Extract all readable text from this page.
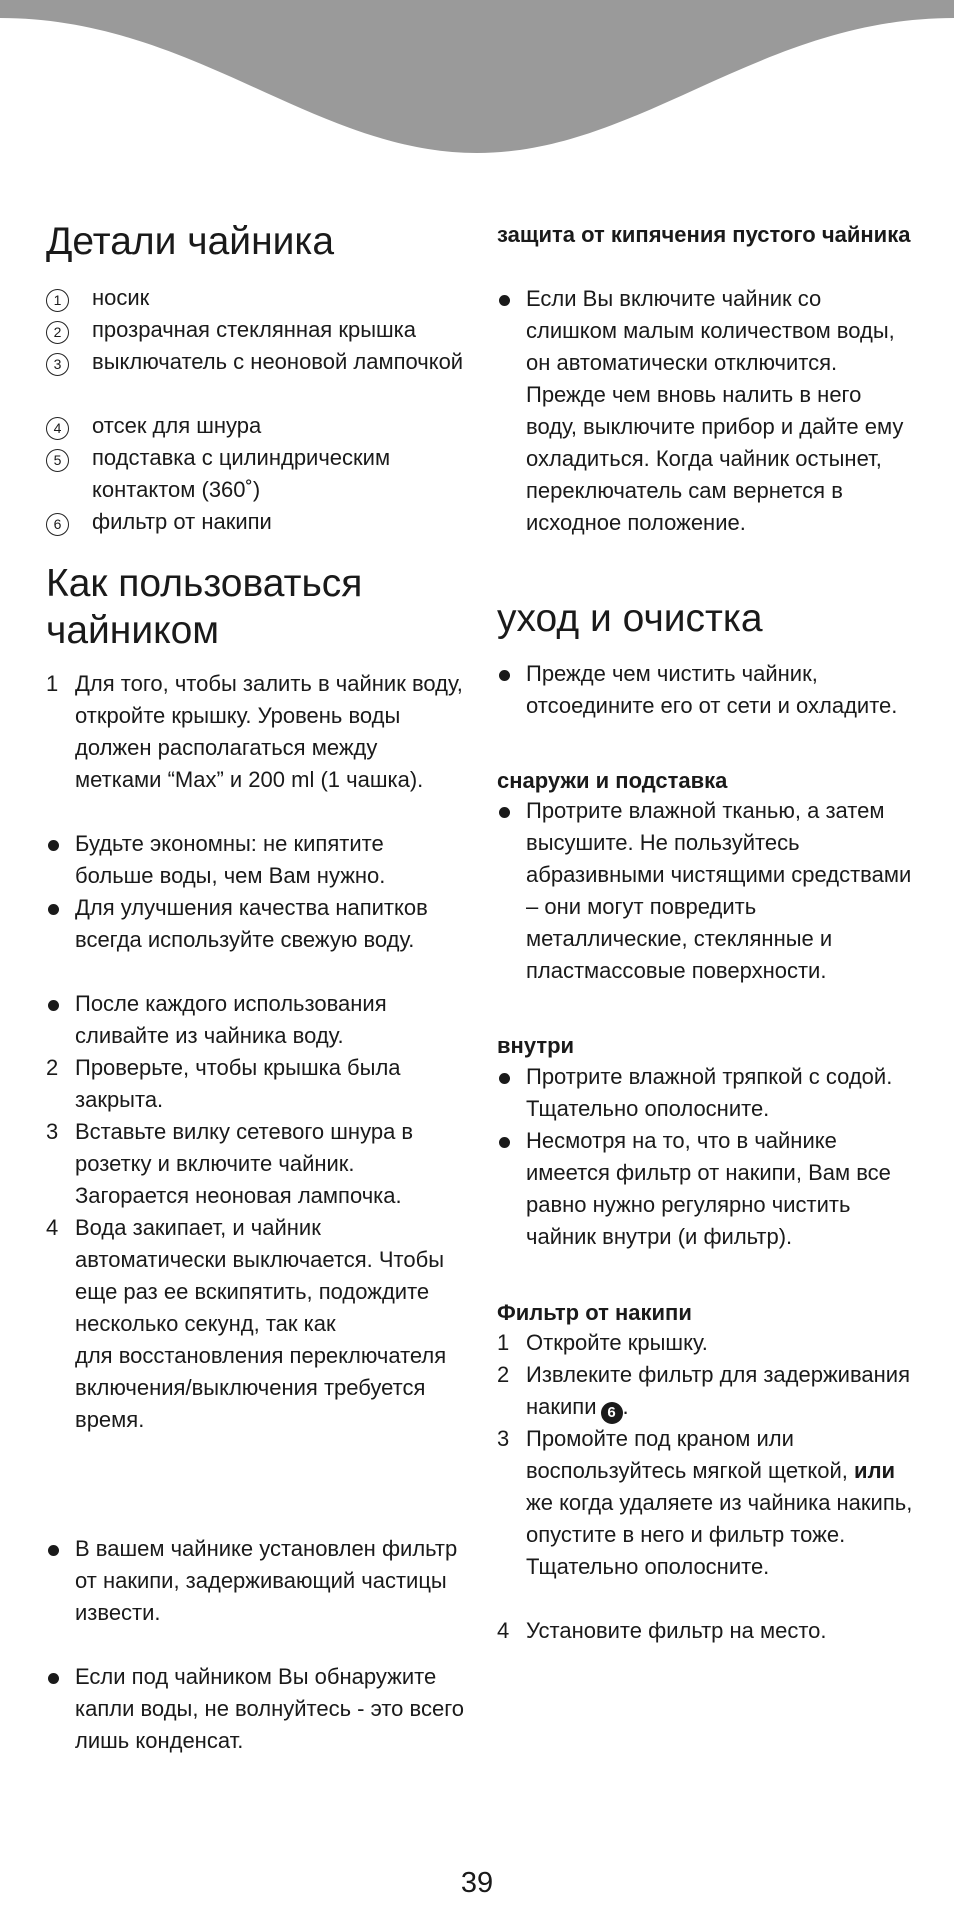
Детали чайника
1	носик
2	прозрачная стеклянная крышка
3	выключатель с неоновой лампочкой
4	отсек для шнура
5	подставка с цилиндрическим контактом (360˚)
6	фильтр от накипи
Как пользоваться чайником
1 Для того, чтобы залить в чайник воду, откройте крышку. Уровень воды должен располагаться между метками “Max” и 200 ml (1 чашка).
Будьте экономны: не кипятите больше воды, чем Вам нужно.
Для улучшения качества напитков всегда используйте свежую воду.
После каждого использования сливайте из чайника воду.
2 Проверьте, чтобы крышка была закрыта.
3 Вставьте вилку сетевого шнура в розетку и включите чайник. Загорается неоновая лампочка.
4 Вода закипает, и чайник автоматически выключается. Чтобы
еще раз ее вскипятить, подождите несколько секунд, так как
для восстановления переключателя включения/выключения требуется время.
В вашем чайнике установлен фильтр от накипи, задерживающий частицы извести.
Если под чайником Вы обнаружите капли воды, не волнуйтесь - это всего лишь конденсат.
защита от кипячения пустого чайника
Если Вы включите чайник со слишком малым количеством воды, он автоматически отключится. Прежде чем вновь налить в него воду, выключите прибор и дайте ему охладиться. Когда чайник остынет, переключатель сам вернется в исходное положение.
уход и очистка
Прежде чем чистить чайник, отсоедините его от сети и охладите.
снаружи и подставка
Протрите влажной тканью, а затем высушите. Не пользуйтесь абразивными чистящими средствами – они могут повредить металлические, стеклянные и пластмассовые поверхности.
внутри
Протрите влажной тряпкой с содой. Тщательно ополосните.
Несмотря на то, что в чайнике имеется фильтр от накипи, Вам все равно нужно регулярно чистить чайник внутри (и фильтр).
Фильтр от накипи
1 Откройте крышку.
2 Извлеките фильтр для задерживания накипи 6 .
3 Промойте под краном или воспользуйтесь мягкой щеткой, или же когда удаляете из чайника накипь, опустите в него и фильтр тоже. Тщательно ополосните.
4 Установите фильтр на место.
39
